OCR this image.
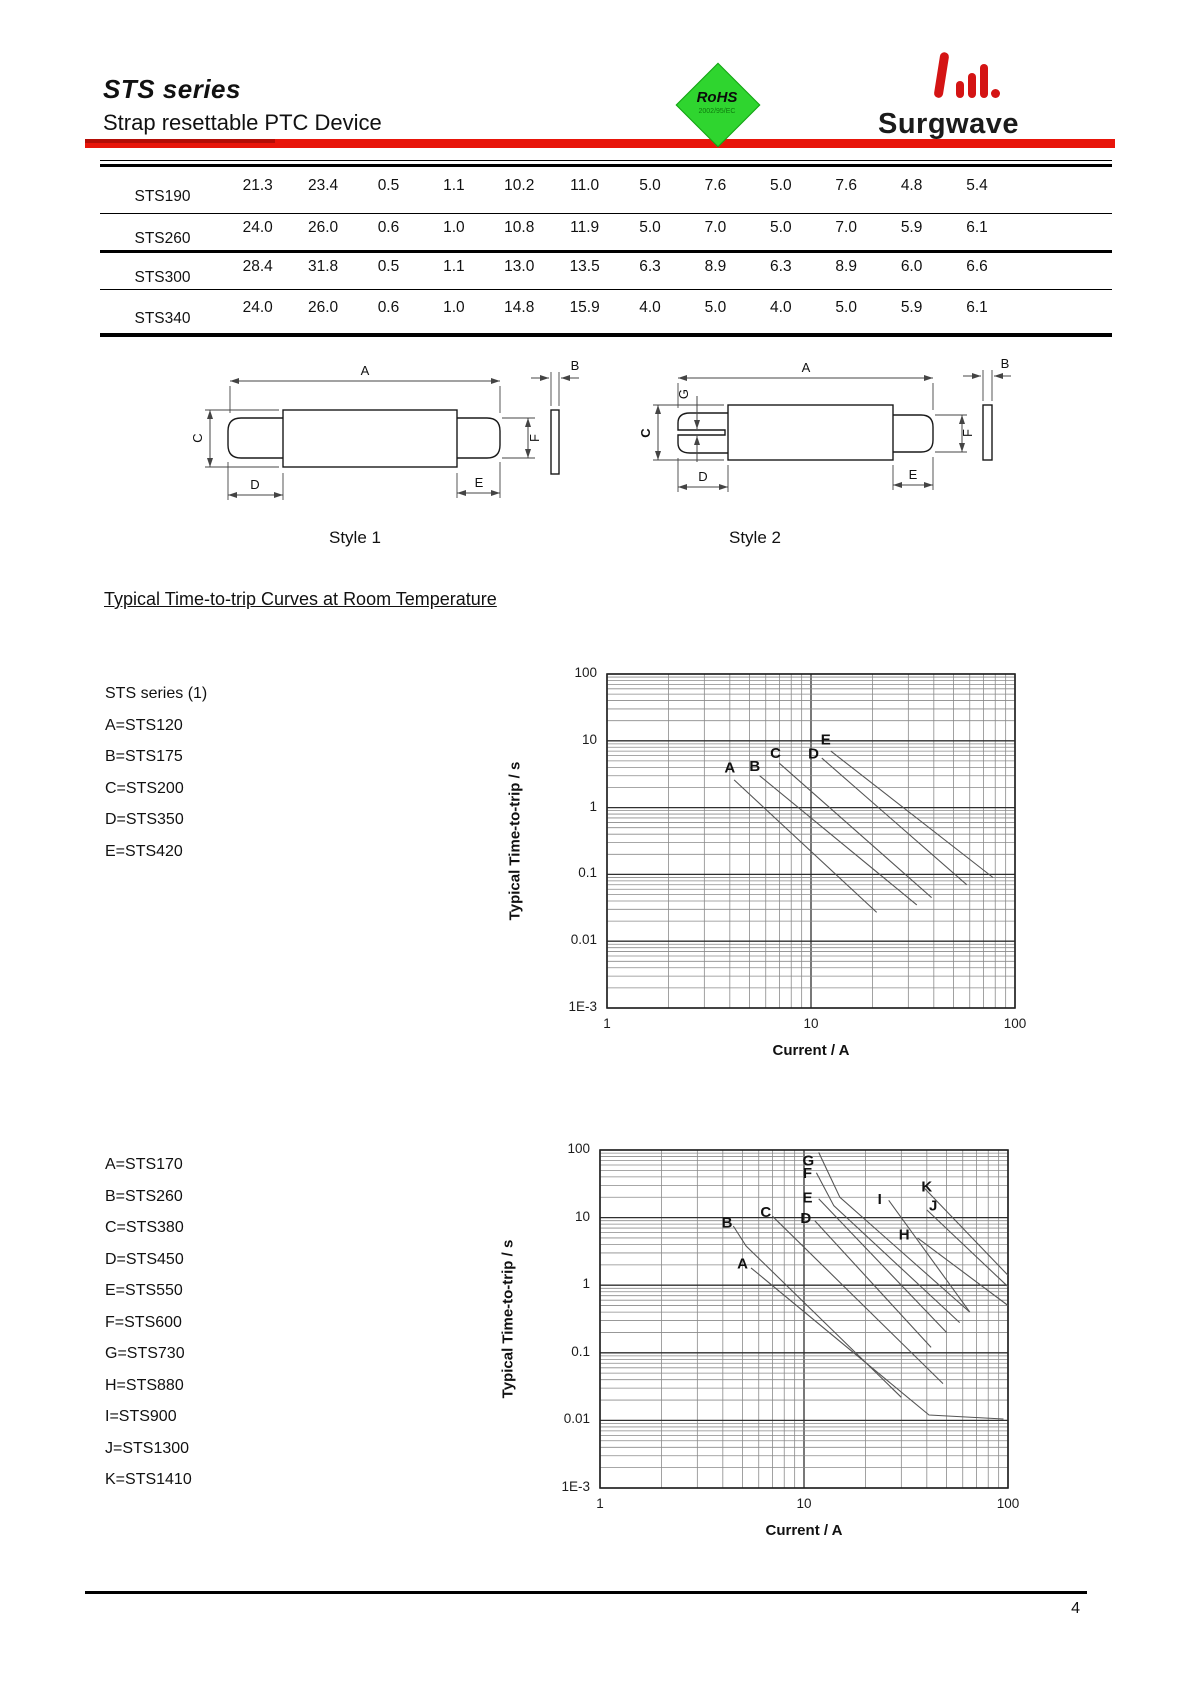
STS series
Strap resettable PTC Device
RoHS
2002/95/EC	Surgwave
STS190
21.3	23.4	0.5	1.1	10.2	11.0	5.0	7.6	5.0	7.6	4.8	5.4
STS260
24.0	26.0	0.6	1.0	10.8	11.9	5.0	7.0	5.0	7.0	5.9	6.1
STS300
28.4	31.8	0.5	1.1	13.0	13.5	6.3	8.9	6.3	8.9	6.0	6.6
STS340
24.0	26.0	0.6	1.0	14.8	15.9	4.0	5.0	4.0	5.0	5.9	6.1
A
C
D	E
F
B
Style 1
A
G
C
D	E
F
B
Style 2
Typical Time-to-trip Curves at Room Temperature
STS series (1)
A=STS120
B=STS175
C=STS200
D=STS350
E=STS420
A B
C D
E
A=STS170
B=STS260
C=STS380
D=STS450
E=STS550
F=STS600
G=STS730
H=STS880
I=STS900
J=STS1300
K=STS1410
A
B
C D
E
F
G
H
I	J
K
4
100
10
1
0.1
0.01
1E-3
1	10	100
Current / A
Typical Time-to-trip / s
100
10
1
0.1
0.01
1E-3
1	10	100
Current / A
Typical Time-to-trip / s
